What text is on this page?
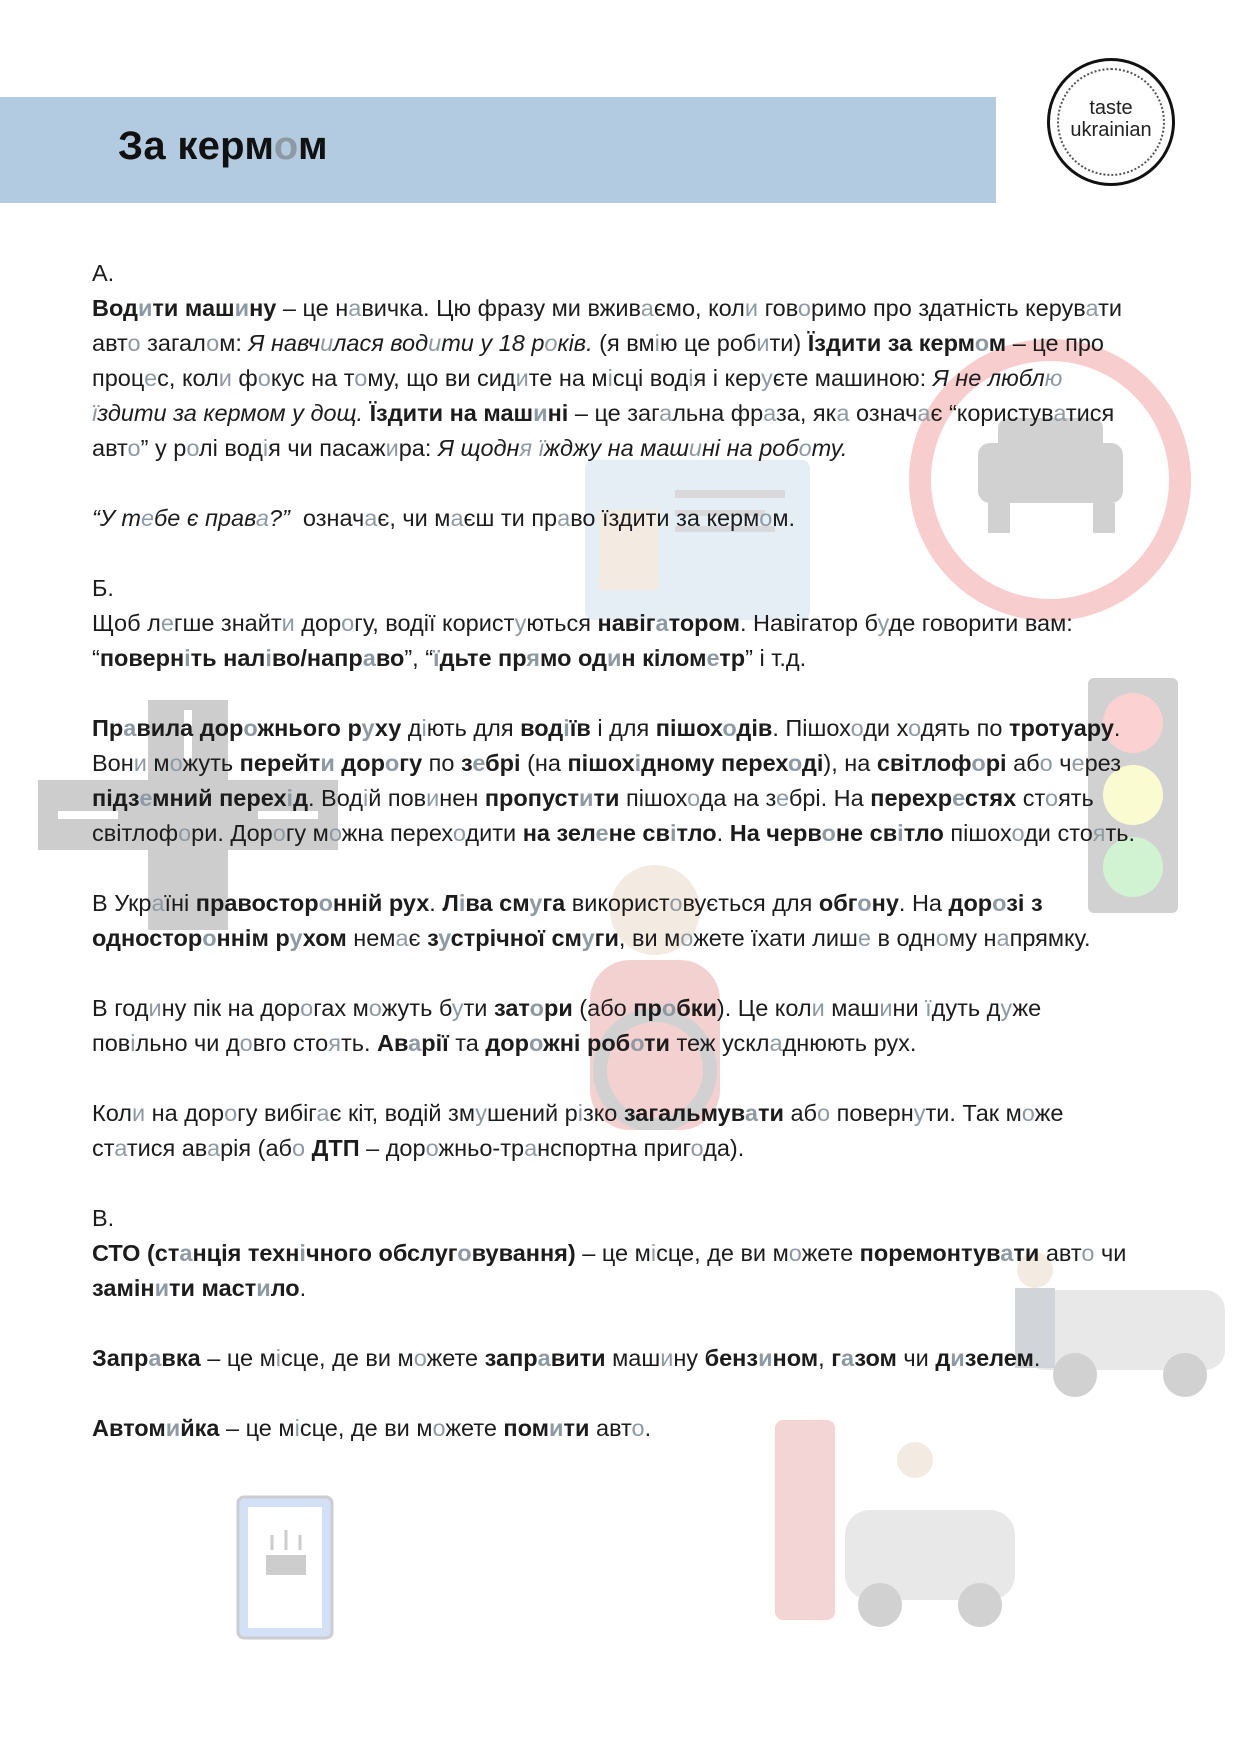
За кермом
taste
ukrainian

А.

Водити машину – це навичка. Цю фразу ми вживаємо, коли говоримо про здатність керувати авто загалом: Я навчилася водити у 18 років. (я вмію це робити) Їздити за кермом – це про процес, коли фокус на тому, що ви сидите на місці водія і керуєте машиною: Я не люблю їздити за кермом у дощ. Їздити на машині – це загальна фраза, яка означає “користуватися авто” у ролі водія чи пасажира: Я щодня їжджу на машині на роботу.

“У тебе є права?”  означає, чи маєш ти право їздити за кермом.

Б.

Щоб легше знайти дорогу, водії користуються навігатором. Навігатор буде говорити вам: “поверніть наліво/направо”, “їдьте прямо один кілометр” і т.д.

Правила дорожнього руху діють для водіїв і для пішоходів. Пішоходи ходять по тротуaру. Вони можуть перейти дорогу по зебрі (на пішохідному переході), на світлофорі або через підземний перехід. Водій повинен пропустити пішохода на зебрі. На перехрестях стоять світлофори. Дорогу можна переходити на зелене світло. На червоне світло пішоходи стоять.

В Україні правосторонній рух. Ліва смуга використовується для обгону. На дорозі з одностороннім рухом немає зустрічної смуги, ви можете їхати лише в одному напрямку.

В годину пік на дорогах можуть бути затори (або пробки). Це коли машини їдуть дуже повільно чи довго стоять. Аварії та дорожні роботи теж ускладнюють рух.

Коли на дорогу вибігає кіт, водій змушений різко загальмувати або повернути. Так може статися аварія (або ДТП – дорожньо-транспортна пригода).

В.

СТО (станція технічного обслуговування) – це місце, де ви можете поремонтувати авто чи замінити мастило.

Заправка – це місце, де ви можете заправити машину бензином, газом чи дизелем.

Автомийка – це місце, де ви можете помити авто.
